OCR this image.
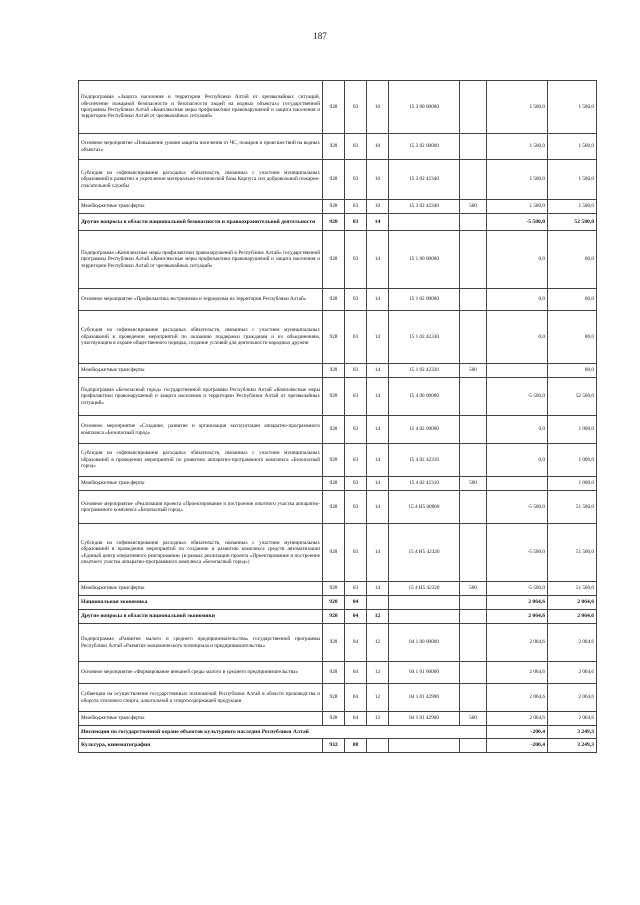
187
Подпрограмма «Защита населения и территории Республики Алтай от чрезвычайных ситуаций, обеспечение пожарной безопасности и безопасности людей на водных объектах» государственной программы Республики Алтай «Комплексные меры профилактики правонарушений и защита населения и территории Республики Алтай от чрезвычайных ситуаций»	928	03	10	15 3 00 00000		1 500,0	1 500,0
Основное мероприятие «Повышение уровня защиты населения от ЧС, пожаров и происшествий на водных объектах»	928	03	10	15 3 02 00000		1 500,0	1 500,0
Субсидия на софинансирование расходных обязательств, связанных с участием муниципальных образований в развитии и укреплении материально-технической базы Корпуса сил добровольной пожарно-спасательной службы	928	03	10	15 3 02 42340		1 500,0	1 500,0
Межбюджетные трансферты	928	03	10	15 3 02 42340	500	1 500,0	1 500,0
Другие вопросы в области национальной безопасности и правоохранительной деятельности	928	03	14			-5 500,0	52 580,0
Подпрограмма «Комплексные меры профилактики правонарушений в Республике Алтай» государственной программы Республики Алтай «Комплексные меры профилактики правонарушений и защита населения и территории Республики Алтай от чрезвычайных ситуаций»	928	03	14	15 1 00 00000		0,0	80,0
Основное мероприятие «Профилактика экстремизма и терроризма на территории Республики Алтай»	928	03	14	15 1 02 00000		0,0	80,0
Субсидия на софинансирование расходных обязательств, связанных с участием муниципальных образований в проведении мероприятий по оказанию поддержки гражданам и их объединениям, участвующим в охране общественного порядка, создание условий для деятельности народных дружин	928	03	14	15 1 02 42330		0,0	80,0
Межбюджетные трансферты	928	03	14	15 1 02 42330	500		80,0
Подпрограмма «Безопасный город» государственной программы Республики Алтай «Комплексные меры профилактики правонарушений и защита населения и территории Республики Алтай от чрезвычайных ситуаций»	928	03	14	15 4 00 00000		-5 500,0	52 500,0
Основное мероприятие «Создание, развитие и организация эксплуатации аппаратно-программного комплекса «Безопасный город»	928	03	14	15 4 02 00000		0,0	1 000,0
Субсидия на софинансирование расходных обязательств, связанных с участием муниципальных образований в проведении мероприятий по развитию аппаратно-программного комплекса «Безопасный город»	928	03	14	15 4 02 42310		0,0	1 000,0
Межбюджетные трансферты	928	03	14	15 4 02 42310	500		1 000,0
Основное мероприятие «Реализация проекта «Проектирование и построение опытного участка аппаратно-программного комплекса «Безопасный город»	928	03	14	15 4 Н5 00000		-5 500,0	51 500,0
Субсидия на софинансирование расходных обязательств, связанных с участием муниципальных образований в проведении мероприятий по созданию и развитию комплекса средств автоматизации «Единый центр оперативного реагирования» (в рамках реализации проекта «Проектирование и построение опытного участка аппаратно-программного комплекса «Безопасный город»)	928	03	14	15 4 Н5 42320		-5 500,0	51 500,0
Межбюджетные трансферты	928	03	14	15 4 Н5 42320	500	-5 500,0	51 500,0
Национальная экономика	928	04				2 064,6	2 064,6
Другие вопросы в области национальной экономики	928	04	12			2 064,6	2 064,6
Подпрограмма «Развитие малого и среднего предпринимательства» государственной программы Республики Алтай «Развитие экономического потенциала и предпринимательства»	928	04	12	04 1 00 00000		2 064,6	2 064,6
Основное мероприятие «Формирование внешней среды малого и среднего предпринимательства»	928	04	12	04 1 01 00000		2 064,6	2 064,6
Субвенции на осуществление государственных полномочий Республики Алтай в области производства и оборота этилового спирта, алкогольной и спиртосодержащей продукции	928	04	12	04 1 01 42900		2 064,6	2 064,6
Межбюджетные трансферты	928	04	12	04 1 01 42900	500	2 064,6	2 064,6
Инспекция по государственной охране объектов культурного наследия Республики Алтай						-200,4	3 249,3
Культура, кинематография	932	08				-200,4	3 249,3
